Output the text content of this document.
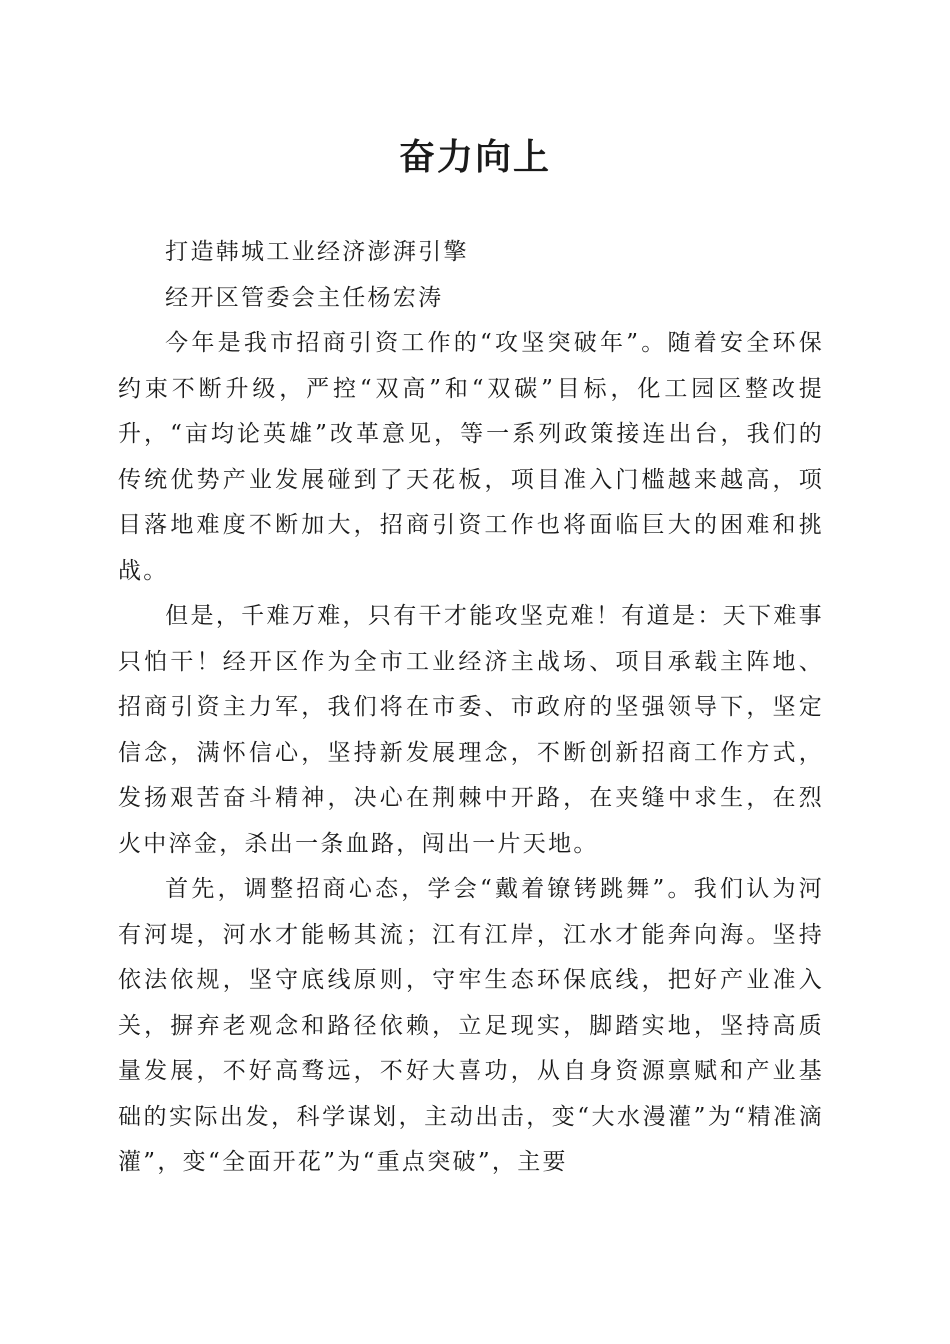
奋力向上

打造韩城工业经济澎湃引擎

经开区管委会主任杨宏涛

今年是我市招商引资工作的“攻坚突破年”。随着安全环保约束不断升级，严控“双高”和“双碳”目标，化工园区整改提升，“亩均论英雄”改革意见，等一系列政策接连出台，我们的传统优势产业发展碰到了天花板，项目准入门槛越来越高，项目落地难度不断加大，招商引资工作也将面临巨大的困难和挑战。

但是，千难万难，只有干才能攻坚克难！有道是：天下难事只怕干！经开区作为全市工业经济主战场、项目承载主阵地、招商引资主力军，我们将在市委、市政府的坚强领导下，坚定信念，满怀信心，坚持新发展理念，不断创新招商工作方式，发扬艰苦奋斗精神，决心在荆棘中开路，在夹缝中求生，在烈火中淬金，杀出一条血路，闯出一片天地。

首先，调整招商心态，学会“戴着镣铐跳舞”。我们认为河有河堤，河水才能畅其流；江有江岸，江水才能奔向海。坚持依法依规，坚守底线原则，守牢生态环保底线，把好产业准入关，摒弃老观念和路径依赖，立足现实，脚踏实地，坚持高质量发展，不好高骛远，不好大喜功，从自身资源禀赋和产业基础的实际出发，科学谋划，主动出击，变“大水漫灌”为“精准滴灌”，变“全面开花”为“重点突破”，主要
